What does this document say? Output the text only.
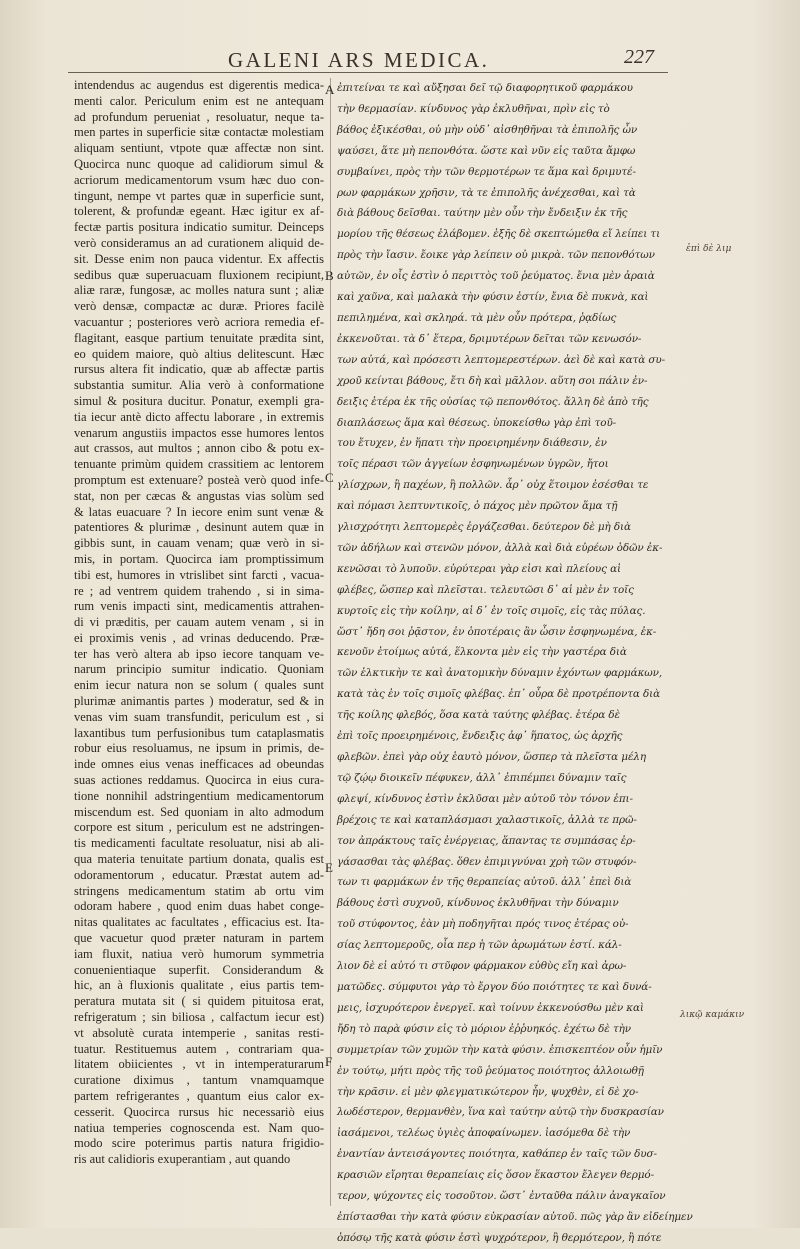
GALENI ARS MEDICA.	227
intendendus ac augendus est digerentis medica-
menti calor. Periculum enim est ne antequam
ad profundum perueniat , resoluatur, neque ta-
men partes in superficie sitæ contactæ molestiam
aliquam sentiunt, vtpote quæ affectæ non sint.
Quocirca nunc quoque ad calidiorum simul &
acriorum medicamentorum vsum hæc duo con-
tingunt, nempe vt partes quæ in superficie sunt,
tolerent, & profundæ egeant. Hæc igitur ex af-
fectæ partis positura indicatio sumitur. Deinceps
verò consideramus an ad curationem aliquid de-
sit. Desse enim non pauca videntur. Ex affectis
sedibus quæ superuacuam fluxionem recipiunt,
aliæ raræ, fungosæ, ac molles natura sunt ; aliæ
verò densæ, compactæ ac duræ. Priores facilè
vacuantur ; posteriores verò acriora remedia ef-
flagitant, easque partium tenuitate prædita sint,
eo quidem maiore, quò altius delitescunt. Hæc
rursus altera fit indicatio, quæ ab affectæ partis
substantia sumitur. Alia verò à conformatione
simul & positura ducitur. Ponatur, exempli gra-
tia iecur antè dicto affectu laborare , in extremis
venarum angustiis impactos esse humores lentos
aut crassos, aut multos ; annon cibo & potu ex-
tenuante primùm quidem crassitiem ac lentorem
promptum est extenuare? posteà verò quod infe-
stat, non per cæcas & angustas vias solùm sed
& latas euacuare ? In iecore enim sunt venæ &
patentiores & plurimæ , desinunt autem quæ in
gibbis sunt, in cauam venam; quæ verò in si-
mis, in portam. Quocirca iam promptissimum
tibi est, humores in vtrislibet sint farcti , vacua-
re ; ad ventrem quidem trahendo , si in sima-
rum venis impacti sint, medicamentis attrahen-
di vi præditis, per cauam autem venam , si in
ei proximis venis , ad vrinas deducendo. Præ-
ter has verò altera ab ipso iecore tanquam ve-
narum principio sumitur indicatio. Quoniam
enim iecur natura non se solum ( quales sunt
plurimæ animantis partes ) moderatur, sed & in
venas vim suam transfundit, periculum est , si
laxantibus tum perfusionibus tum cataplasmatis
robur eius resoluamus, ne ipsum in primis, de-
inde omnes eius venas inefficaces ad obeundas
suas actiones reddamus. Quocirca in eius cura-
tione nonnihil adstringentium medicamentorum
miscendum est. Sed quoniam in alto admodum
corpore est situm , periculum est ne adstringen-
tis medicamenti facultate resoluatur, nisi ab ali-
qua materia tenuitate partium donata, qualis est
odoramentorum , educatur. Præstat autem ad-
stringens medicamentum statim ab ortu vim
odoram habere , quod enim duas habet conge-
nitas qualitates ac facultates , efficacius est. Ita-
que vacuetur quod præter naturam in partem
iam fluxit, natiua verò humorum symmetria
conuenientiaque superfit. Considerandum &
hic, an à fluxionis qualitate , eius partis tem-
peratura mutata sit ( si quidem pituitosa erat,
refrigeratum ; sin biliosa , calfactum iecur est)
vt absolutè curata intemperie , sanitas resti-
tuatur. Restituemus autem , contrariam qua-
litatem obiicientes , vt in intemperaturarum
curatione diximus , tantum vnamquamque
partem refrigerantes , quantum eius calor ex-
cesserit. Quocirca rursus hic necessariò eius
natiua temperies cognoscenda est. Nam quo-
modo scire poterimus partis natura frigidio-
ris aut calidioris exuperantiam , aut quando
ἐπιτείναι τε καὶ αὔξησαι δεῖ τῷ διαφορητικοῦ φαρμάκου
τὴν θερμασίαν. κίνδυνος γὰρ ἐκλυθῆναι, πρὶν εἰς τὸ
βάθος ἐξικέσθαι, οὐ μὴν οὐδ᾽ αἰσθηθῆναι τὰ ἐπιπολῆς ὧν
ψαύσει, ἅτε μὴ πεπονθότα. ὥστε καὶ νῦν εἰς ταῦτα ἄμφω
συμβαίνει, πρὸς τὴν τῶν θερμοτέρων τε ἅμα καὶ δριμυτέ-
ρων φαρμάκων χρῆσιν, τὰ τε ἐπιπολῆς ἀνέχεσθαι, καὶ τὰ
διὰ βάθους δεῖσθαι. ταύτην μὲν οὖν τὴν ἔνδειξιν ἐκ τῆς
μορίου τῆς θέσεως ἐλάβομεν. ἑξῆς δὲ σκεπτώμεθα εἴ λείπει τι
πρὸς τὴν ἴασιν. ἔοικε γὰρ λείπειν οὐ μικρὰ. τῶν πεπονθότων
αὐτῶν, ἐν οἷς ἐστὶν ὁ περιττὸς τοῦ ῥεύματος. ἔνια μὲν ἀραιὰ
καὶ χαῦνα, καὶ μαλακὰ τὴν φύσιν ἐστίν, ἔνια δὲ πυκνὰ, καὶ
πεπιλημένα, καὶ σκληρά. τὰ μὲν οὖν πρότερα, ῥᾳδίως
ἐκκενοῦται. τὰ δ᾽ ἕτερα, δριμυτέρων δεῖται τῶν κενωσόν-
των αὐτά, καὶ πρόσεστι λεπτομερεστέρων. ἀεὶ δὲ καὶ κατὰ συ-
χροῦ κείνται βάθους, ἔτι δὴ καὶ μᾶλλον. αὕτη σοι πάλιν ἐν-
δειξις ἑτέρα ἐκ τῆς οὐσίας τῷ πεπονθότος. ἄλλη δὲ ἀπὸ τῆς
διαπλάσεως ἅμα καὶ θέσεως. ὑποκείσθω γὰρ ἐπὶ τοῦ-
του ἔτυχεν, ἐν ἥπατι τὴν προειρημένην διάθεσιν, ἐν
τοῖς πέρασι τῶν ἀγγείων ἐσφηνωμένων ὑγρῶν, ἤτοι
γλίσχρων, ἢ παχέων, ἢ πολλῶν. ἆρ᾽ οὐχ ἕτοιμον ἐσέσθαι τε
καὶ πόμασι λεπτυντικοῖς, ὁ πάχος μὲν πρῶτον ἅμα τῇ
γλισχρότητι λεπτομερὲς ἐργάζεσθαι. δεύτερον δὲ μὴ διὰ
τῶν ἀδήλων καὶ στενῶν μόνον, ἀλλὰ καὶ διὰ εὐρέων ὁδῶν ἐκ-
κενῶσαι τὸ λυποῦν. εὐρύτεραι γὰρ εἰσι καὶ πλείους αἱ
φλέβες, ὥσπερ καὶ πλεῖσται. τελευτῶσι δ᾽ αἱ μὲν ἐν τοῖς
κυρτοῖς εἰς τὴν κοίλην, αἱ δ᾽ ἐν τοῖς σιμοῖς, εἰς τὰς πύλας.
ὥστ᾽ ἤδη σοι ῥᾷστον, ἐν ὁποτέραις ἂν ὦσιν ἐσφηνωμένα, ἐκ-
κενοῦν ἑτοίμως αὐτά, ἕλκοντα μὲν εἰς τὴν γαστέρα διὰ
τῶν ἑλκτικὴν τε καὶ ἀνατομικὴν δύναμιν ἐχόντων φαρμάκων,
κατὰ τὰς ἐν τοῖς σιμοῖς φλέβας. ἐπ᾽ οὖρα δὲ προτρέποντα διὰ
τῆς κοίλης φλεβός, ὅσα κατὰ ταύτης φλέβας. ἑτέρα δὲ
ἐπὶ τοῖς προειρημένοις, ἔνδειξις ἀφ᾽ ἥπατος, ὡς ἀρχῆς
φλεβῶν. ἐπεὶ γὰρ οὐχ ἑαυτὸ μόνον, ὥσπερ τὰ πλεῖστα μέλη
τῷ ζῴῳ διοικεῖν πέφυκεν, ἀλλ᾽ ἐπιπέμπει δύναμιν ταῖς
φλεψί, κίνδυνος ἐστὶν ἐκλῦσαι μὲν αὐτοῦ τὸν τόνον ἐπι-
βρέχοις τε καὶ καταπλάσμασι χαλαστικοῖς, ἀλλὰ τε πρῶ-
τον ἀπράκτους ταῖς ἐνέργειας, ἅπαντας τε συμπάσας ἐρ-
γάσασθαι τὰς φλέβας. ὅθεν ἐπιμιγνύναι χρὴ τῶν στυφόν-
των τι φαρμάκων ἐν τῆς θεραπείας αὐτοῦ. ἀλλ᾽ ἐπεὶ διὰ
βάθους ἐστὶ συχνοῦ, κίνδυνος ἐκλυθῆναι τὴν δύναμιν
τοῦ στύφοντος, ἐὰν μὴ ποδηγῆται πρός τινος ἑτέρας οὐ-
σίας λεπτομεροῦς, οἷα περ ἡ τῶν ἀρωμάτων ἐστί. κάλ-
λιον δὲ εἰ αὐτό τι στῦφον φάρμακον εὐθὺς εἴη καὶ ἀρω-
ματῶδες. σύμφυτοι γὰρ τὸ ἔργον δύο ποιότητες τε καὶ δυνά-
μεις, ἰσχυρότερον ἐνεργεῖ. καὶ τοίνυν ἐκκενούσθω μὲν καὶ
ἤδη τὸ παρὰ φύσιν εἰς τὸ μόριον ἐῤῥυηκός. ἐχέτω δὲ τὴν
συμμετρίαν τῶν χυμῶν τὴν κατὰ φύσιν. ἐπισκεπτέον οὖν ἡμῖν
ἐν τούτῳ, μήτι πρὸς τῆς τοῦ ῥεύματος ποιότητος ἀλλοιωθῇ
τὴν κρᾶσιν. εἰ μὲν φλεγματικώτερον ἦν, ψυχθὲν, εἰ δὲ χο-
λωδέστερον, θερμανθὲν, ἵνα καὶ ταύτην αὐτῷ τὴν δυσκρασίαν
ἰασάμενοι, τελέως ὑγιὲς ἀποφαίνωμεν. ἰασόμεθα δὲ τὴν
ἐναντίαν ἀντεισάγοντες ποιότητα, καθάπερ ἐν ταῖς τῶν δυσ-
κρασιῶν εἴρηται θεραπείαις εἰς ὅσον ἕκαστον ἔλεγεν θερμό-
τερον, ψύχοντες εἰς τοσοῦτον. ὥστ᾽ ἐνταῦθα πάλιν ἀναγκαῖον
ἐπίστασθαι τὴν κατὰ φύσιν εὐκρασίαν αὐτοῦ. πῶς γὰρ ἂν εἰδείημεν
ὁπόσῳ τῆς κατὰ φύσιν ἐστὶ ψυχρότερον, ἢ θερμότερον, ἢ πότε
A
B
C
E
F
ἐπὶ δὲ λιμ
λικῷ καμάκιν
